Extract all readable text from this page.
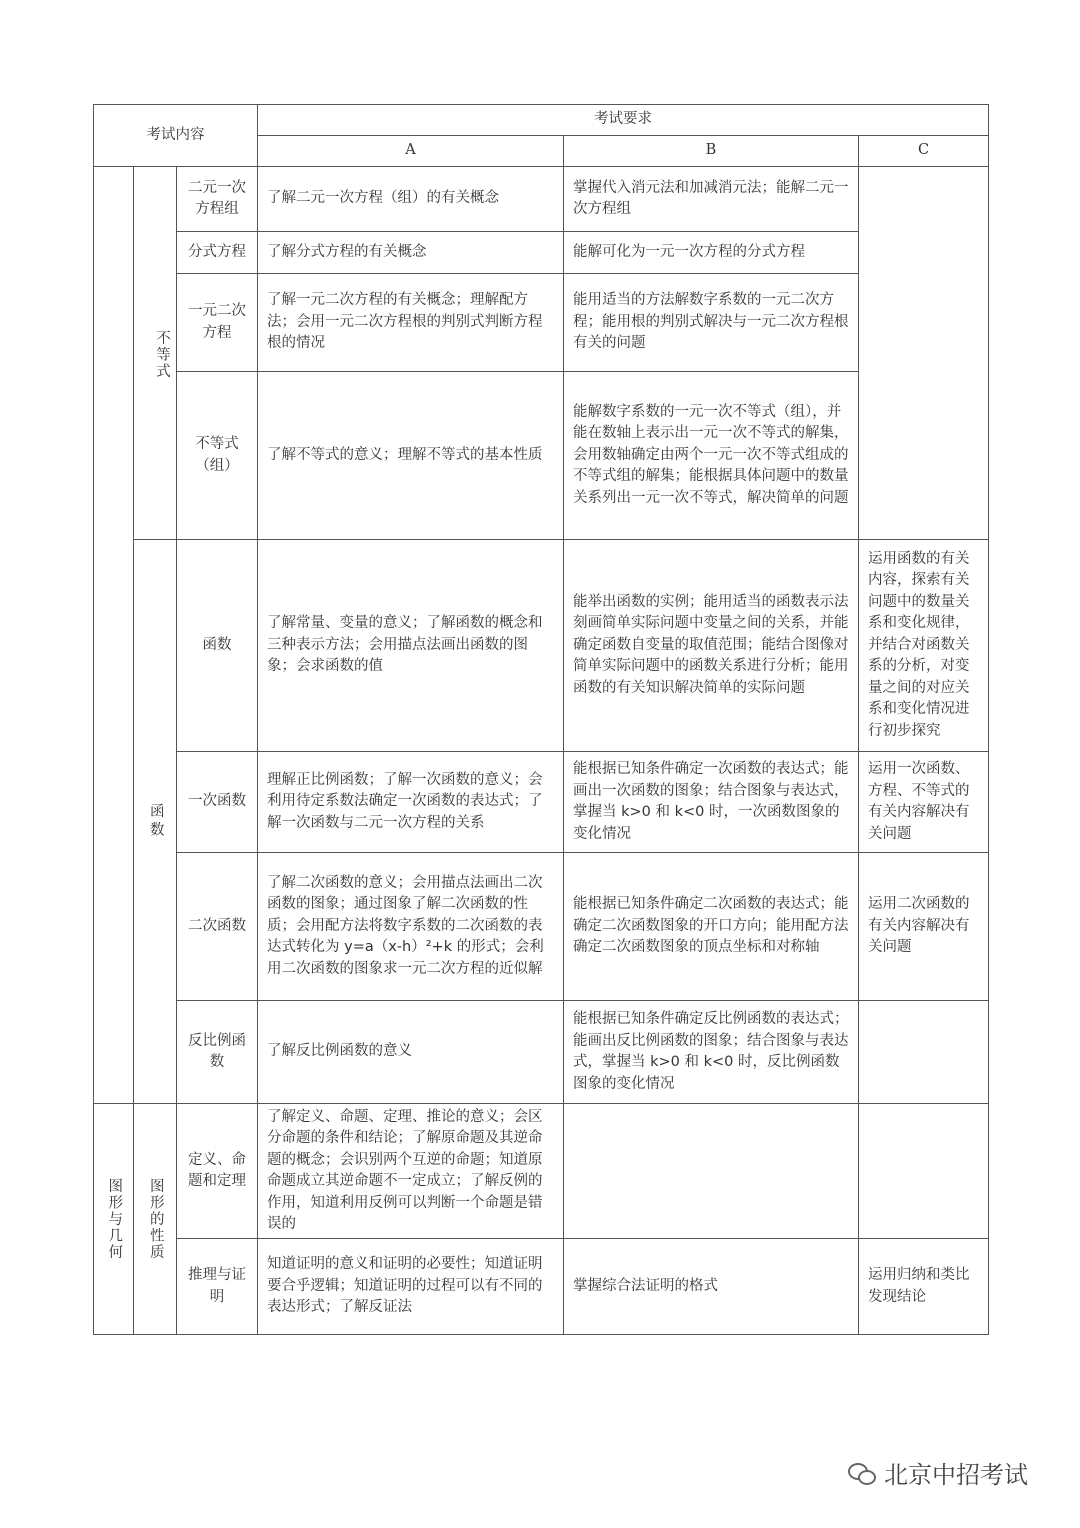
考试内容			考试要求		
			A	B	C
	不等式	二元一次方程组	了解二元一次方程（组）的有关概念	掌握代入消元法和加减消元法；能解二元一次方程组	
		分式方程	了解分式方程的有关概念	能解可化为一元一次方程的分式方程	
		一元二次方程	了解一元二次方程的有关概念；理解配方法；会用一元二次方程根的判别式判断方程根的情况	能用适当的方法解数字系数的一元二次方程；能用根的判别式解决与一元二次方程根有关的问题	
		不等式（组）	了解不等式的意义；理解不等式的基本性质	能解数字系数的一元一次不等式（组），并能在数轴上表示出一元一次不等式的解集，会用数轴确定由两个一元一次不等式组成的不等式组的解集；能根据具体问题中的数量关系列出一元一次不等式，解决简单的问题	
	函数	函数	了解常量、变量的意义；了解函数的概念和三种表示方法；会用描点法画出函数的图象；会求函数的值	能举出函数的实例；能用适当的函数表示法刻画简单实际问题中变量之间的关系，并能确定函数自变量的取值范围；能结合图像对简单实际问题中的函数关系进行分析；能用函数的有关知识解决简单的实际问题	运用函数的有关内容，探索有关问题中的数量关系和变化规律，并结合对函数关系的分析，对变量之间的对应关系和变化情况进行初步探究
		一次函数	理解正比例函数；了解一次函数的意义；会利用待定系数法确定一次函数的表达式；了解一次函数与二元一次方程的关系	能根据已知条件确定一次函数的表达式；能画出一次函数的图象；结合图象与表达式，掌握当 k>0 和 k<0 时，一次函数图象的变化情况	运用一次函数、方程、不等式的有关内容解决有关问题
		二次函数	了解二次函数的意义；会用描点法画出二次函数的图象；通过图象了解二次函数的性质；会用配方法将数字系数的二次函数的表达式转化为 y=a（x-h）²+k 的形式；会利用二次函数的图象求一元二次方程的近似解	能根据已知条件确定二次函数的表达式；能确定二次函数图象的开口方向；能用配方法确定二次函数图象的顶点坐标和对称轴	运用二次函数的有关内容解决有关问题
		反比例函数	了解反比例函数的意义	能根据已知条件确定反比例函数的表达式；能画出反比例函数的图象；结合图象与表达式，掌握当 k>0 和 k<0 时，反比例函数图象的变化情况	
图形与几何	图形的性质	定义、命题和定理	了解定义、命题、定理、推论的意义；会区分命题的条件和结论；了解原命题及其逆命题的概念；会识别两个互逆的命题；知道原命题成立其逆命题不一定成立；了解反例的作用，知道利用反例可以判断一个命题是错误的		
		推理与证明	知道证明的意义和证明的必要性；知道证明要合乎逻辑；知道证明的过程可以有不同的表达形式；了解反证法	掌握综合法证明的格式	运用归纳和类比发现结论
北京中招考试
